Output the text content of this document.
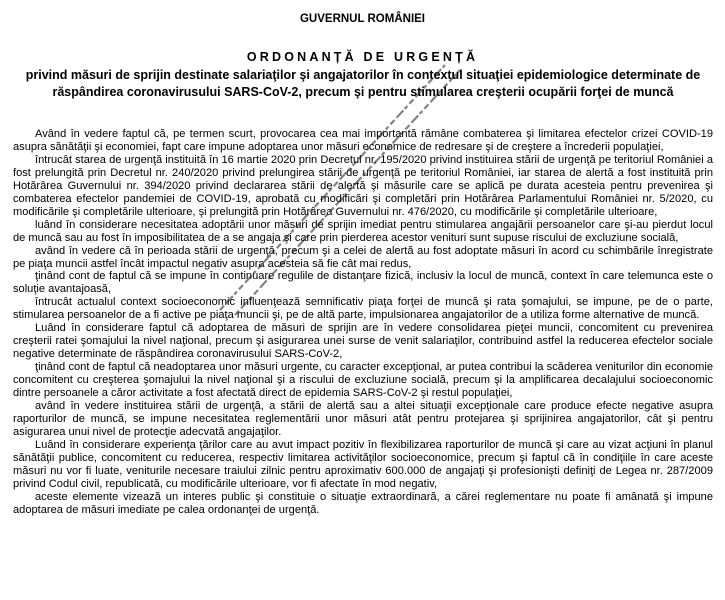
GUVERNUL ROMÂNIEI
ORDONANȚĂ DE URGENȚĂ
privind măsuri de sprijin destinate salariaţilor şi angajatorilor în contextul situaţiei epidemiologice determinate de răspândirea coronavirusului SARS-CoV-2, precum şi pentru stimularea creşterii ocupării forţei de muncă

Având în vedere faptul că, pe termen scurt, provocarea cea mai importantă rămâne combaterea şi limitarea efectelor crizei COVID-19 asupra sănătăţii şi economiei, fapt care impune adoptarea unor măsuri economice de redresare şi de creştere a încrederii populaţiei,

întrucât starea de urgenţă instituită în 16 martie 2020 prin Decretul nr. 195/2020 privind instituirea stării de urgenţă pe teritoriul României a fost prelungită prin Decretul nr. 240/2020 privind prelungirea stării de urgenţă pe teritoriul României, iar starea de alertă a fost instituită prin Hotărârea Guvernului nr. 394/2020 privind declararea stării de alertă şi măsurile care se aplică pe durata acesteia pentru prevenirea şi combaterea efectelor pandemiei de COVID-19, aprobată cu modificări şi completări prin Hotărârea Parlamentului României nr. 5/2020, cu modificările şi completările ulterioare, şi prelungită prin Hotărârea Guvernului nr. 476/2020, cu modificările şi completările ulterioare,

luând în considerare necesitatea adoptării unor măsuri de sprijin imediat pentru stimularea angajării persoanelor care şi-au pierdut locul de muncă sau au fost în imposibilitatea de a se angaja şi care prin pierderea acestor venituri sunt supuse riscului de excluziune socială,

având în vedere că în perioada stării de urgenţă, precum şi a celei de alertă au fost adoptate măsuri în acord cu schimbările înregistrate pe piaţa muncii astfel încât impactul negativ asupra acesteia să fie cât mai redus,

ţinând cont de faptul că se impune în continuare regulile de distanţare fizică, inclusiv la locul de muncă, context în care telemunca este o soluţie avantajoasă,

întrucât actualul context socioeconomic influenţează semnificativ piaţa forţei de muncă şi rata şomajului, se impune, pe de o parte, stimularea persoanelor de a fi active pe piaţa muncii şi, pe de altă parte, impulsionarea angajatorilor de a utiliza forme alternative de muncă.

Luând în considerare faptul că adoptarea de măsuri de sprijin are în vedere consolidarea pieţei muncii, concomitent cu prevenirea creşterii ratei şomajului la nivel naţional, precum şi asigurarea unei surse de venit salariaţilor, contribuind astfel la reducerea efectelor sociale negative determinate de răspândirea coronavirusului SARS-CoV-2,

ţinând cont de faptul că neadoptarea unor măsuri urgente, cu caracter excepţional, ar putea contribui la scăderea veniturilor din economie concomitent cu creşterea şomajului la nivel naţional şi a riscului de excluziune socială, precum şi la amplificarea decalajului socioeconomic dintre persoanele a căror activitate a fost afectată direct de epidemia SARS-CoV-2 şi restul populaţiei,

având în vedere instituirea stării de urgenţă, a stării de alertă sau a altei situaţii excepţionale care produce efecte negative asupra raporturilor de muncă, se impune necesitatea reglementării unor măsuri atât pentru protejarea şi sprijinirea angajatorilor, cât şi pentru asigurarea unui nivel de protecţie adecvată angajaţilor.

Luând în considerare experienţa ţărilor care au avut impact pozitiv în flexibilizarea raporturilor de muncă şi care au vizat acţiuni în planul sănătăţii publice, concomitent cu reducerea, respectiv limitarea activităţilor socioeconomice, precum şi faptul că în condiţiile în care aceste măsuri nu vor fi luate, veniturile necesare traiului zilnic pentru aproximativ 600.000 de angajaţi şi profesionişti definiţi de Legea nr. 287/2009 privind Codul civil, republicată, cu modificările ulterioare, vor fi afectate în mod negativ,

aceste elemente vizează un interes public şi constituie o situaţie extraordinară, a cărei reglementare nu poate fi amânată şi impune adoptarea de măsuri imediate pe calea ordonanţei de urgenţă.
